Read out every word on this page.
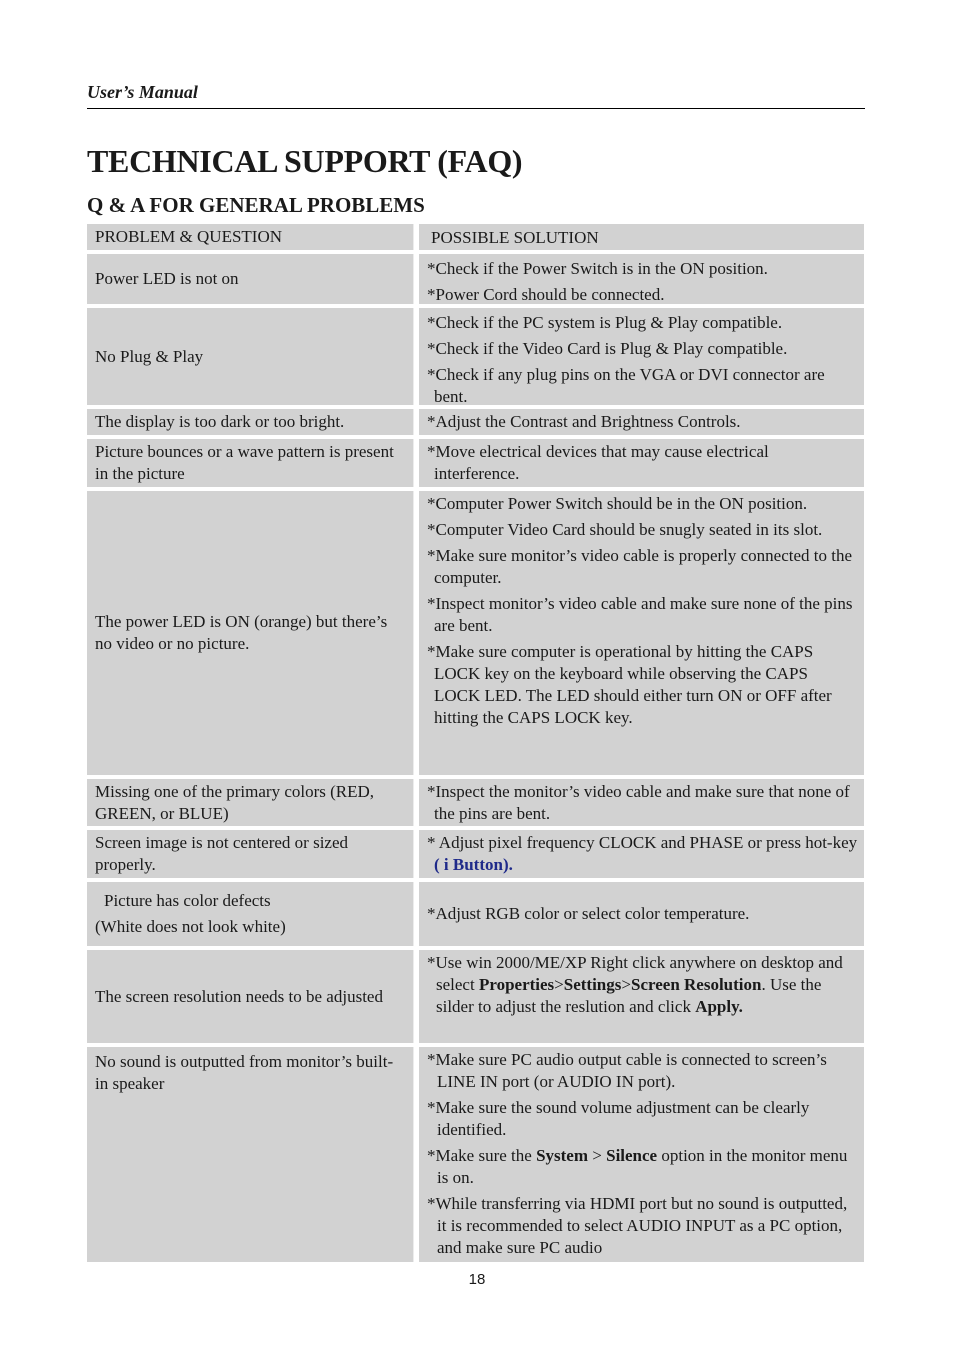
User’s Manual
TECHNICAL SUPPORT (FAQ)
Q & A FOR GENERAL PROBLEMS
PROBLEM & QUESTION	POSSIBLE SOLUTION
Power LED is not on

*Check if the Power Switch is in the ON position.

*Power Cord should be connected.

No Plug & Play

*Check if the PC system is Plug & Play compatible.

*Check if the Video Card is Plug & Play compatible.

*Check if any plug pins on the VGA or DVI connector are bent.

The display is too dark or too bright.	*Adjust the Contrast and Brightness Controls.

Picture bounces or a wave pattern is present in the picture

*Move electrical devices that may cause electrical interference.

The power LED is ON (orange) but there’s no video or no picture.

*Computer Power Switch should be in the ON position.

*Computer Video Card should be snugly seated in its slot.

*Make sure monitor’s video cable is properly connected to the computer.

*Inspect monitor’s video cable and make sure none of the pins are bent.

*Make sure computer is operational by hitting the CAPS LOCK key on the keyboard while observing the CAPS LOCK LED. The LED should either turn ON or OFF after hitting the CAPS LOCK key.

Missing one of the primary colors (RED, GREEN, or BLUE)

*Inspect the monitor’s video cable and make sure that none of the pins are bent.

Screen image is not centered or sized properly.

* Adjust pixel frequency CLOCK and PHASE or press hot-key ( i Button).

Picture has color defects
(White does not look white)

*Adjust RGB color or select color temperature.

The screen resolution needs to be adjusted

*Use win 2000/ME/XP Right click anywhere on desktop and select Properties>Settings>Screen Resolution. Use the silder to adjust the reslution and click Apply.

No sound is outputted from monitor’s built-in speaker

*Make sure PC audio output cable is connected to screen’s LINE IN port (or AUDIO IN port).

*Make sure the sound volume adjustment can be clearly identified.

*Make sure the System > Silence option in the monitor menu is on.

*While transferring via HDMI port but no sound is outputted, it is recommended to select AUDIO INPUT as a PC option, and make sure PC audio

18
